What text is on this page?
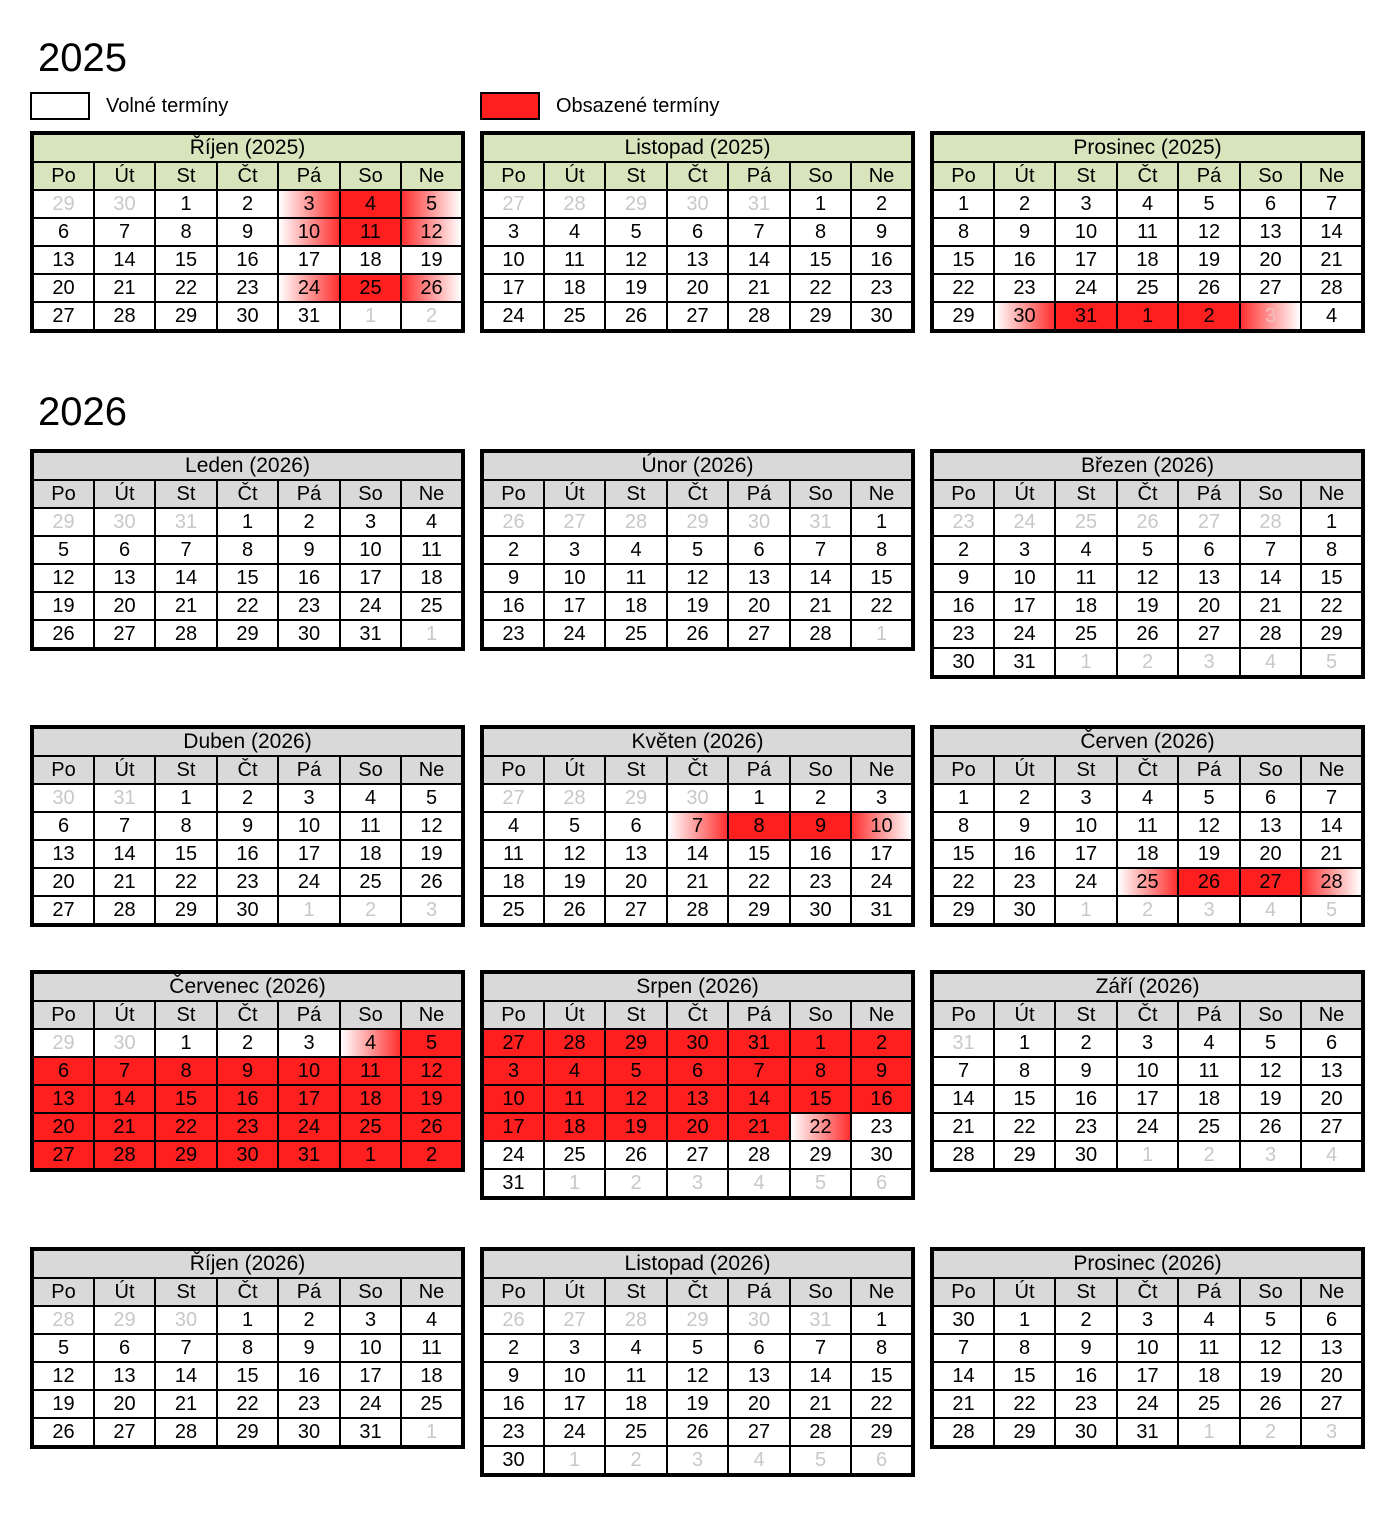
2025
Volné termíny	Obsazené termíny
2026
Říjen (2025)						
Po	Út	St	Čt	Pá	So	Ne
29	30	1	2	3	4	5
6	7	8	9	10	11	12
13	14	15	16	17	18	19
20	21	22	23	24	25	26
27	28	29	30	31	1	2
Listopad (2025)						
Po	Út	St	Čt	Pá	So	Ne
27	28	29	30	31	1	2
3	4	5	6	7	8	9
10	11	12	13	14	15	16
17	18	19	20	21	22	23
24	25	26	27	28	29	30
Prosinec (2025)						
Po	Út	St	Čt	Pá	So	Ne
1	2	3	4	5	6	7
8	9	10	11	12	13	14
15	16	17	18	19	20	21
22	23	24	25	26	27	28
29	30	31	1	2	3	4
Leden (2026)						
Po	Út	St	Čt	Pá	So	Ne
29	30	31	1	2	3	4
5	6	7	8	9	10	11
12	13	14	15	16	17	18
19	20	21	22	23	24	25
26	27	28	29	30	31	1
Únor (2026)						
Po	Út	St	Čt	Pá	So	Ne
26	27	28	29	30	31	1
2	3	4	5	6	7	8
9	10	11	12	13	14	15
16	17	18	19	20	21	22
23	24	25	26	27	28	1
Březen (2026)						
Po	Út	St	Čt	Pá	So	Ne
23	24	25	26	27	28	1
2	3	4	5	6	7	8
9	10	11	12	13	14	15
16	17	18	19	20	21	22
23	24	25	26	27	28	29
30	31	1	2	3	4	5
Duben (2026)						
Po	Út	St	Čt	Pá	So	Ne
30	31	1	2	3	4	5
6	7	8	9	10	11	12
13	14	15	16	17	18	19
20	21	22	23	24	25	26
27	28	29	30	1	2	3
Květen (2026)						
Po	Út	St	Čt	Pá	So	Ne
27	28	29	30	1	2	3
4	5	6	7	8	9	10
11	12	13	14	15	16	17
18	19	20	21	22	23	24
25	26	27	28	29	30	31
Červen (2026)						
Po	Út	St	Čt	Pá	So	Ne
1	2	3	4	5	6	7
8	9	10	11	12	13	14
15	16	17	18	19	20	21
22	23	24	25	26	27	28
29	30	1	2	3	4	5
Červenec (2026)						
Po	Út	St	Čt	Pá	So	Ne
29	30	1	2	3	4	5
6	7	8	9	10	11	12
13	14	15	16	17	18	19
20	21	22	23	24	25	26
27	28	29	30	31	1	2
Srpen (2026)						
Po	Út	St	Čt	Pá	So	Ne
27	28	29	30	31	1	2
3	4	5	6	7	8	9
10	11	12	13	14	15	16
17	18	19	20	21	22	23
24	25	26	27	28	29	30
31	1	2	3	4	5	6
Září (2026)						
Po	Út	St	Čt	Pá	So	Ne
31	1	2	3	4	5	6
7	8	9	10	11	12	13
14	15	16	17	18	19	20
21	22	23	24	25	26	27
28	29	30	1	2	3	4
Říjen (2026)						
Po	Út	St	Čt	Pá	So	Ne
28	29	30	1	2	3	4
5	6	7	8	9	10	11
12	13	14	15	16	17	18
19	20	21	22	23	24	25
26	27	28	29	30	31	1
Listopad (2026)						
Po	Út	St	Čt	Pá	So	Ne
26	27	28	29	30	31	1
2	3	4	5	6	7	8
9	10	11	12	13	14	15
16	17	18	19	20	21	22
23	24	25	26	27	28	29
30	1	2	3	4	5	6
Prosinec (2026)						
Po	Út	St	Čt	Pá	So	Ne
30	1	2	3	4	5	6
7	8	9	10	11	12	13
14	15	16	17	18	19	20
21	22	23	24	25	26	27
28	29	30	31	1	2	3
